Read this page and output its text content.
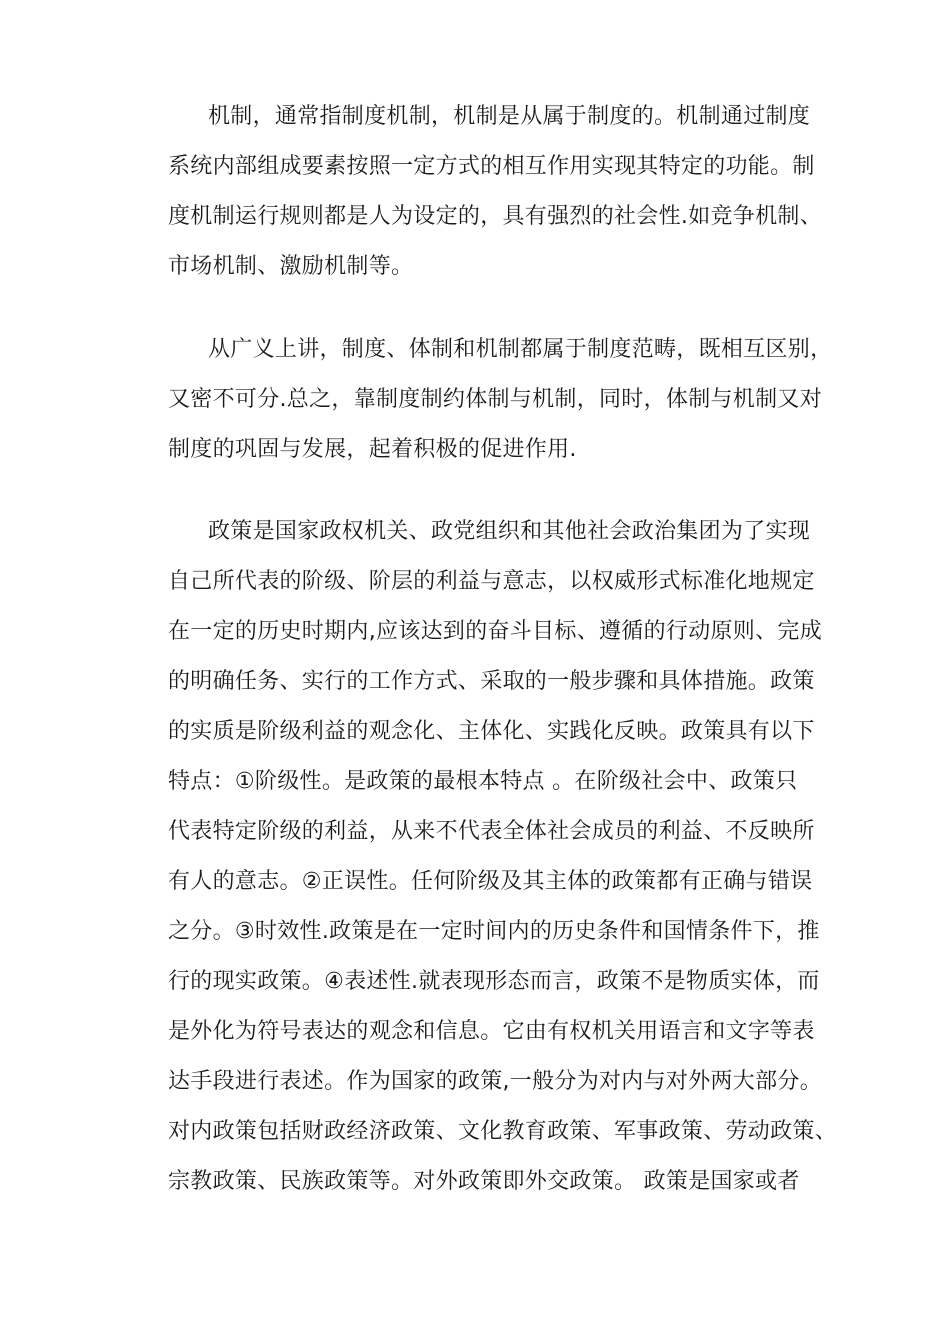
机制，通常指制度机制，机制是从属于制度的。机制通过制度
系统内部组成要素按照一定方式的相互作用实现其特定的功能。制
度机制运行规则都是人为设定的，具有强烈的社会性.如竞争机制、
市场机制、激励机制等。
从广义上讲，制度、体制和机制都属于制度范畴，既相互区别，
又密不可分.总之，靠制度制约体制与机制，同时，体制与机制又对
制度的巩固与发展，起着积极的促进作用.
政策是国家政权机关、政党组织和其他社会政治集团为了实现
自己所代表的阶级、阶层的利益与意志，以权威形式标准化地规定
在一定的历史时期内,应该达到的奋斗目标、遵循的行动原则、完成
的明确任务、实行的工作方式、采取的一般步骤和具体措施。政策
的实质是阶级利益的观念化、主体化、实践化反映。政策具有以下
特点：①阶级性。是政策的最根本特点 。在阶级社会中、政策只
代表特定阶级的利益，从来不代表全体社会成员的利益、不反映所
有人的意志。②正误性。任何阶级及其主体的政策都有正确与错误
之分。③时效性.政策是在一定时间内的历史条件和国情条件下，推
行的现实政策。④表述性.就表现形态而言，政策不是物质实体，而
是外化为符号表达的观念和信息。它由有权机关用语言和文字等表
达手段进行表述。作为国家的政策,一般分为对内与对外两大部分。
对内政策包括财政经济政策、文化教育政策、军事政策、劳动政策、
宗教政策、民族政策等。对外政策即外交政策。 政策是国家或者
